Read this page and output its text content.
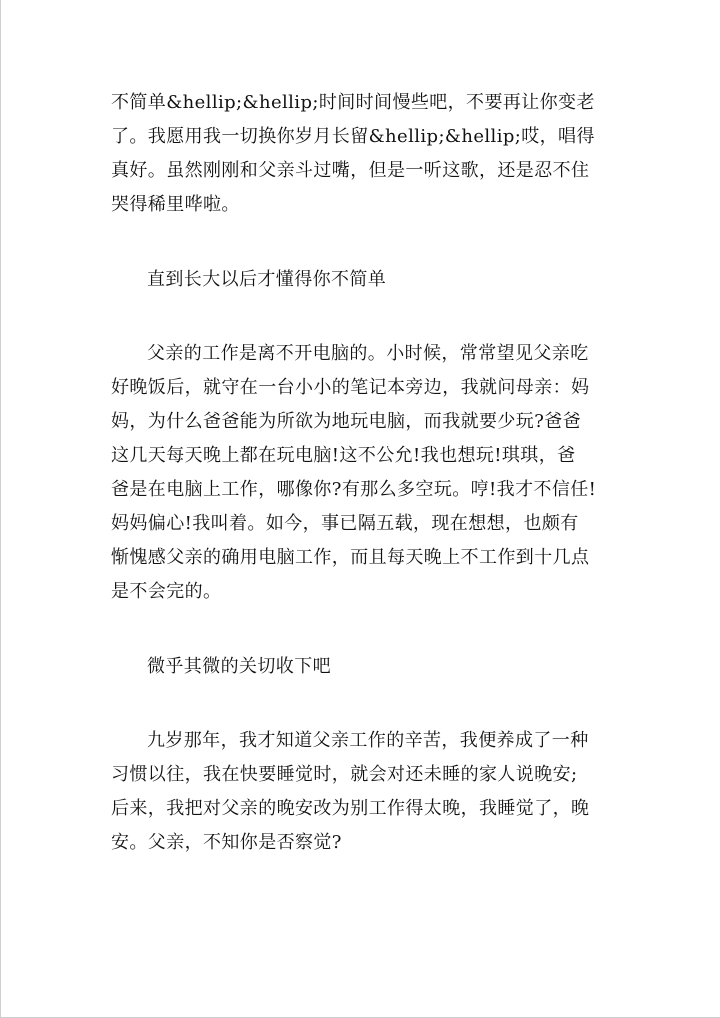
不简单&hellip;&hellip;时间时间慢些吧，不要再让你变老
了。我愿用我一切换你岁月长留&hellip;&hellip;哎，唱得
真好。虽然刚刚和父亲斗过嘴，但是一听这歌，还是忍不住
哭得稀里哗啦。
直到长大以后才懂得你不简单
父亲的工作是离不开电脑的。小时候，常常望见父亲吃
好晚饭后，就守在一台小小的笔记本旁边，我就问母亲：妈
妈，为什么爸爸能为所欲为地玩电脑，而我就要少玩?爸爸
这几天每天晚上都在玩电脑!这不公允!我也想玩!琪琪，爸
爸是在电脑上工作，哪像你?有那么多空玩。哼!我才不信任!
妈妈偏心!我叫着。如今，事已隔五载，现在想想，也颇有
惭愧感父亲的确用电脑工作，而且每天晚上不工作到十几点
是不会完的。
微乎其微的关切收下吧
九岁那年，我才知道父亲工作的辛苦，我便养成了一种
习惯以往，我在快要睡觉时，就会对还未睡的家人说晚安;
后来，我把对父亲的晚安改为别工作得太晚，我睡觉了，晚
安。父亲，不知你是否察觉?
